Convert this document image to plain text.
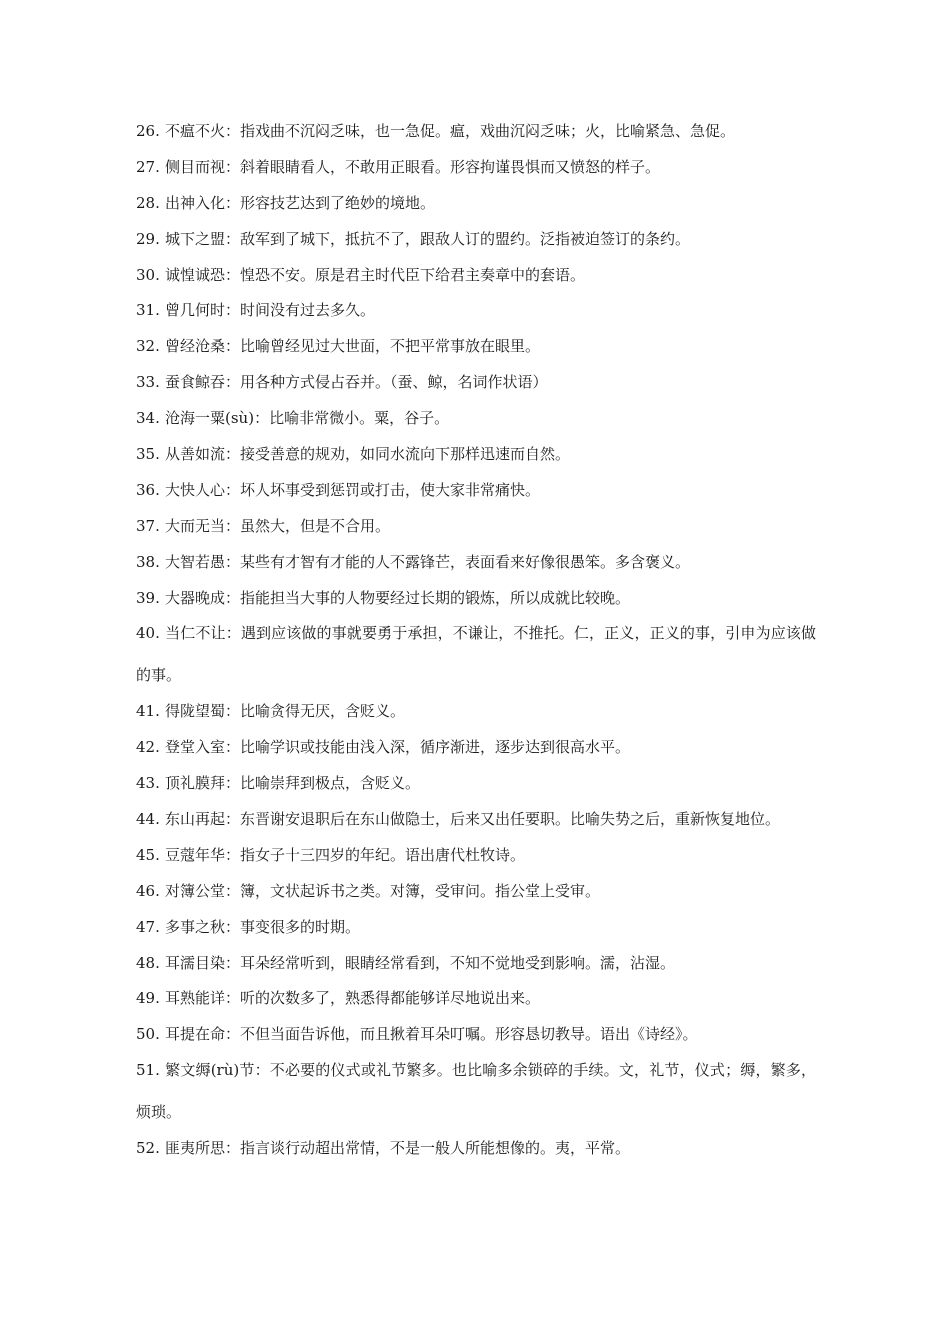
26. 不瘟不火：指戏曲不沉闷乏味，也一急促。瘟，戏曲沉闷乏味；火，比喻紧急、急促。
27. 侧目而视：斜着眼睛看人，不敢用正眼看。形容拘谨畏惧而又愤怒的样子。
28. 出神入化：形容技艺达到了绝妙的境地。
29. 城下之盟：敌军到了城下，抵抗不了，跟敌人订的盟约。泛指被迫签订的条约。
30. 诚惶诚恐：惶恐不安。原是君主时代臣下给君主奏章中的套语。
31. 曾几何时：时间没有过去多久。
32. 曾经沧桑：比喻曾经见过大世面，不把平常事放在眼里。
33. 蚕食鲸吞：用各种方式侵占吞并。（蚕、鲸，名词作状语）
34. 沧海一粟(sù)：比喻非常微小。粟，谷子。
35. 从善如流：接受善意的规劝，如同水流向下那样迅速而自然。
36. 大快人心：坏人坏事受到惩罚或打击，使大家非常痛快。
37. 大而无当：虽然大，但是不合用。
38. 大智若愚：某些有才智有才能的人不露锋芒，表面看来好像很愚笨。多含褒义。
39. 大器晚成：指能担当大事的人物要经过长期的锻炼，所以成就比较晚。
40. 当仁不让：遇到应该做的事就要勇于承担，不谦让，不推托。仁，正义，正义的事，引申为应该做的事。
41. 得陇望蜀：比喻贪得无厌，含贬义。
42. 登堂入室：比喻学识或技能由浅入深，循序渐进，逐步达到很高水平。
43. 顶礼膜拜：比喻崇拜到极点，含贬义。
44. 东山再起：东晋谢安退职后在东山做隐士，后来又出任要职。比喻失势之后，重新恢复地位。
45. 豆蔻年华：指女子十三四岁的年纪。语出唐代杜牧诗。
46. 对簿公堂：簿，文状起诉书之类。对簿，受审问。指公堂上受审。
47. 多事之秋：事变很多的时期。
48. 耳濡目染：耳朵经常听到，眼睛经常看到，不知不觉地受到影响。濡，沾湿。
49. 耳熟能详：听的次数多了，熟悉得都能够详尽地说出来。
50. 耳提在命：不但当面告诉他，而且揪着耳朵叮嘱。形容恳切教导。语出《诗经》。
51. 繁文缛(rù)节：不必要的仪式或礼节繁多。也比喻多余锁碎的手续。文，礼节，仪式；缛，繁多，烦琐。
52. 匪夷所思：指言谈行动超出常情，不是一般人所能想像的。夷，平常。
